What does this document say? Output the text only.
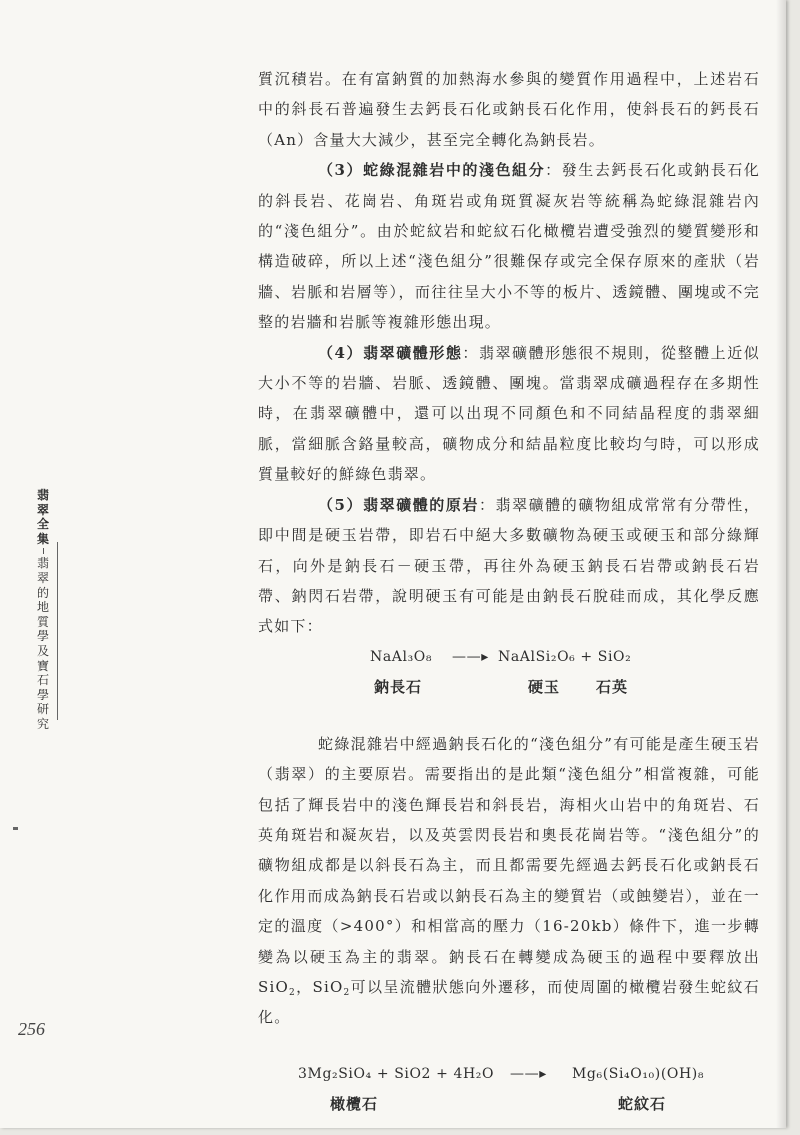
質沉積岩。在有富鈉質的加熱海水參與的變質作用過程中，上述岩石中的斜長石普遍發生去鈣長石化或鈉長石化作用，使斜長石的鈣長石（An）含量大大減少，甚至完全轉化為鈉長岩。

（3）蛇綠混雜岩中的淺色組分：發生去鈣長石化或鈉長石化的斜長岩、花崗岩、角斑岩或角斑質凝灰岩等統稱為蛇綠混雜岩內的“淺色組分”。由於蛇紋岩和蛇紋石化橄欖岩遭受強烈的變質變形和構造破碎，所以上述“淺色組分”很難保存或完全保存原來的產狀（岩牆、岩脈和岩層等），而往往呈大小不等的板片、透鏡體、團塊或不完整的岩牆和岩脈等複雜形態出現。

（4）翡翠礦體形態：翡翠礦體形態很不規則，從整體上近似大小不等的岩牆、岩脈、透鏡體、團塊。當翡翠成礦過程存在多期性時，在翡翠礦體中，還可以出現不同顏色和不同結晶程度的翡翠細脈，當細脈含鉻量較高，礦物成分和結晶粒度比較均勻時，可以形成質量較好的鮮綠色翡翠。

（5）翡翠礦體的原岩：翡翠礦體的礦物組成常常有分帶性，即中間是硬玉岩帶，即岩石中絕大多數礦物為硬玉或硬玉和部分綠輝石，向外是鈉長石－硬玉帶，再往外為硬玉鈉長石岩帶或鈉長石岩帶、鈉閃石岩帶，說明硬玉有可能是由鈉長石脫硅而成，其化學反應式如下：

NaAl₃O₈ ——▸ NaAlSi₂O₆ + SiO₂
鈉長石	硬玉 石英

蛇綠混雜岩中經過鈉長石化的“淺色組分”有可能是產生硬玉岩（翡翠）的主要原岩。需要指出的是此類“淺色組分”相當複雜，可能包括了輝長岩中的淺色輝長岩和斜長岩，海相火山岩中的角斑岩、石英角斑岩和凝灰岩，以及英雲閃長岩和奧長花崗岩等。“淺色組分”的礦物組成都是以斜長石為主，而且都需要先經過去鈣長石化或鈉長石化作用而成為鈉長石岩或以鈉長石為主的變質岩（或蝕變岩），並在一定的溫度（>400°）和相當高的壓力（16-20kb）條件下，進一步轉變為以硬玉為主的翡翠。鈉長石在轉變成為硬玉的過程中要釋放出SiO$_2$，SiO$_2$可以呈流體狀態向外遷移，而使周圍的橄欖岩發生蛇紋石化。

3Mg₂SiO₄ + SiO2 + 4H₂O ——▸ Mg₆(Si₄O₁₀)(OH)₈
橄欖石	蛇紋石
翡
翠
全
集
翡
翠
的
地
質
學
及
寶
石
學
研
究
256
